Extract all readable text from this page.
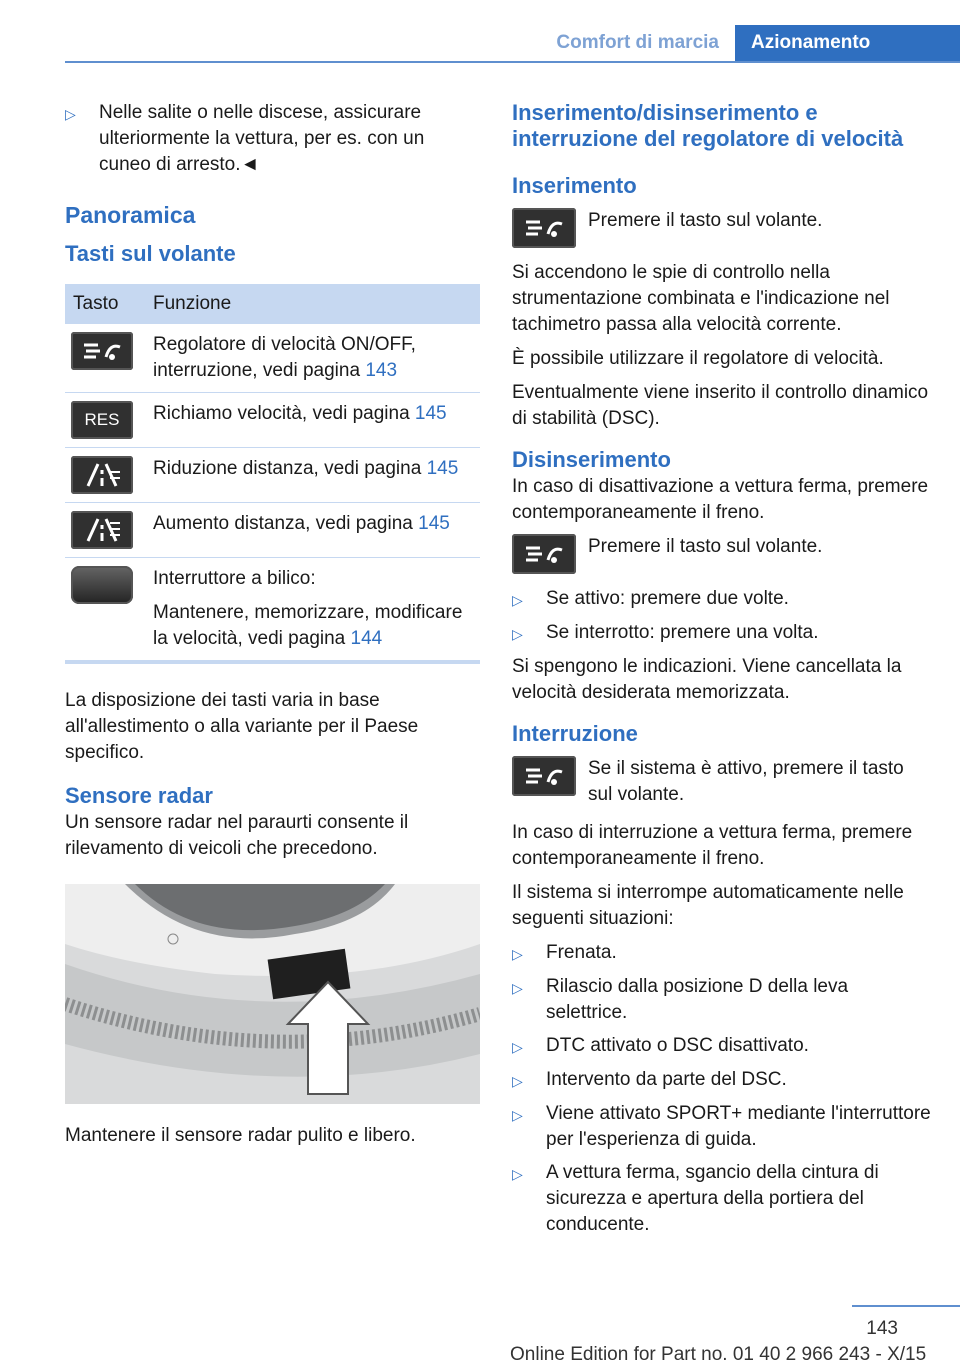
Comfort di marcia	Azionamento
▷	Nelle salite o nelle discese, assicurare ulteriormente la vettura, per es. con un cuneo di arresto.◄
Panoramica
Tasti sul volante
Tasto	Funzione

	Regolatore di velocità ON/OFF, interruzione, vedi pagina 143

RES	Richiamo velocità, vedi pagina 145

	Riduzione distanza, vedi pagina 145

	Aumento distanza, vedi pagina 145

	Interruttore a bilico:

Mantenere, memorizzare, modificare la velocità, vedi pagina 144

La disposizione dei tasti varia in base all'allestimento o alla variante per il Paese specifico.

Sensore radar

Un sensore radar nel paraurti consente il rilevamento di veicoli che precedono.

Mantenere il sensore radar pulito e libero.

Inserimento/disinserimento e interruzione del regolatore di velocità
Inserimento
Premere il tasto sul volante.

Si accendono le spie di controllo nella strumentazione combinata e l'indicazione nel tachimetro passa alla velocità corrente.

È possibile utilizzare il regolatore di velocità.

Eventualmente viene inserito il controllo dinamico di stabilità (DSC).

Disinserimento

In caso di disattivazione a vettura ferma, premere contemporaneamente il freno.

Premere il tasto sul volante.
▷	Se attivo: premere due volte.
▷	Se interrotto: premere una volta.

Si spengono le indicazioni. Viene cancellata la velocità desiderata memorizzata.

Interruzione
Se il sistema è attivo, premere il tasto sul volante.

In caso di interruzione a vettura ferma, premere contemporaneamente il freno.

Il sistema si interrompe automaticamente nelle seguenti situazioni:

▷	Frenata.
▷	Rilascio dalla posizione D della leva selettrice.
▷	DTC attivato o DSC disattivato.
▷	Intervento da parte del DSC.
▷	Viene attivato SPORT+ mediante l'interruttore per l'esperienza di guida.
▷	A vettura ferma, sgancio della cintura di sicurezza e apertura della portiera del conducente.
143
Online Edition for Part no. 01 40 2 966 243 - X/15
